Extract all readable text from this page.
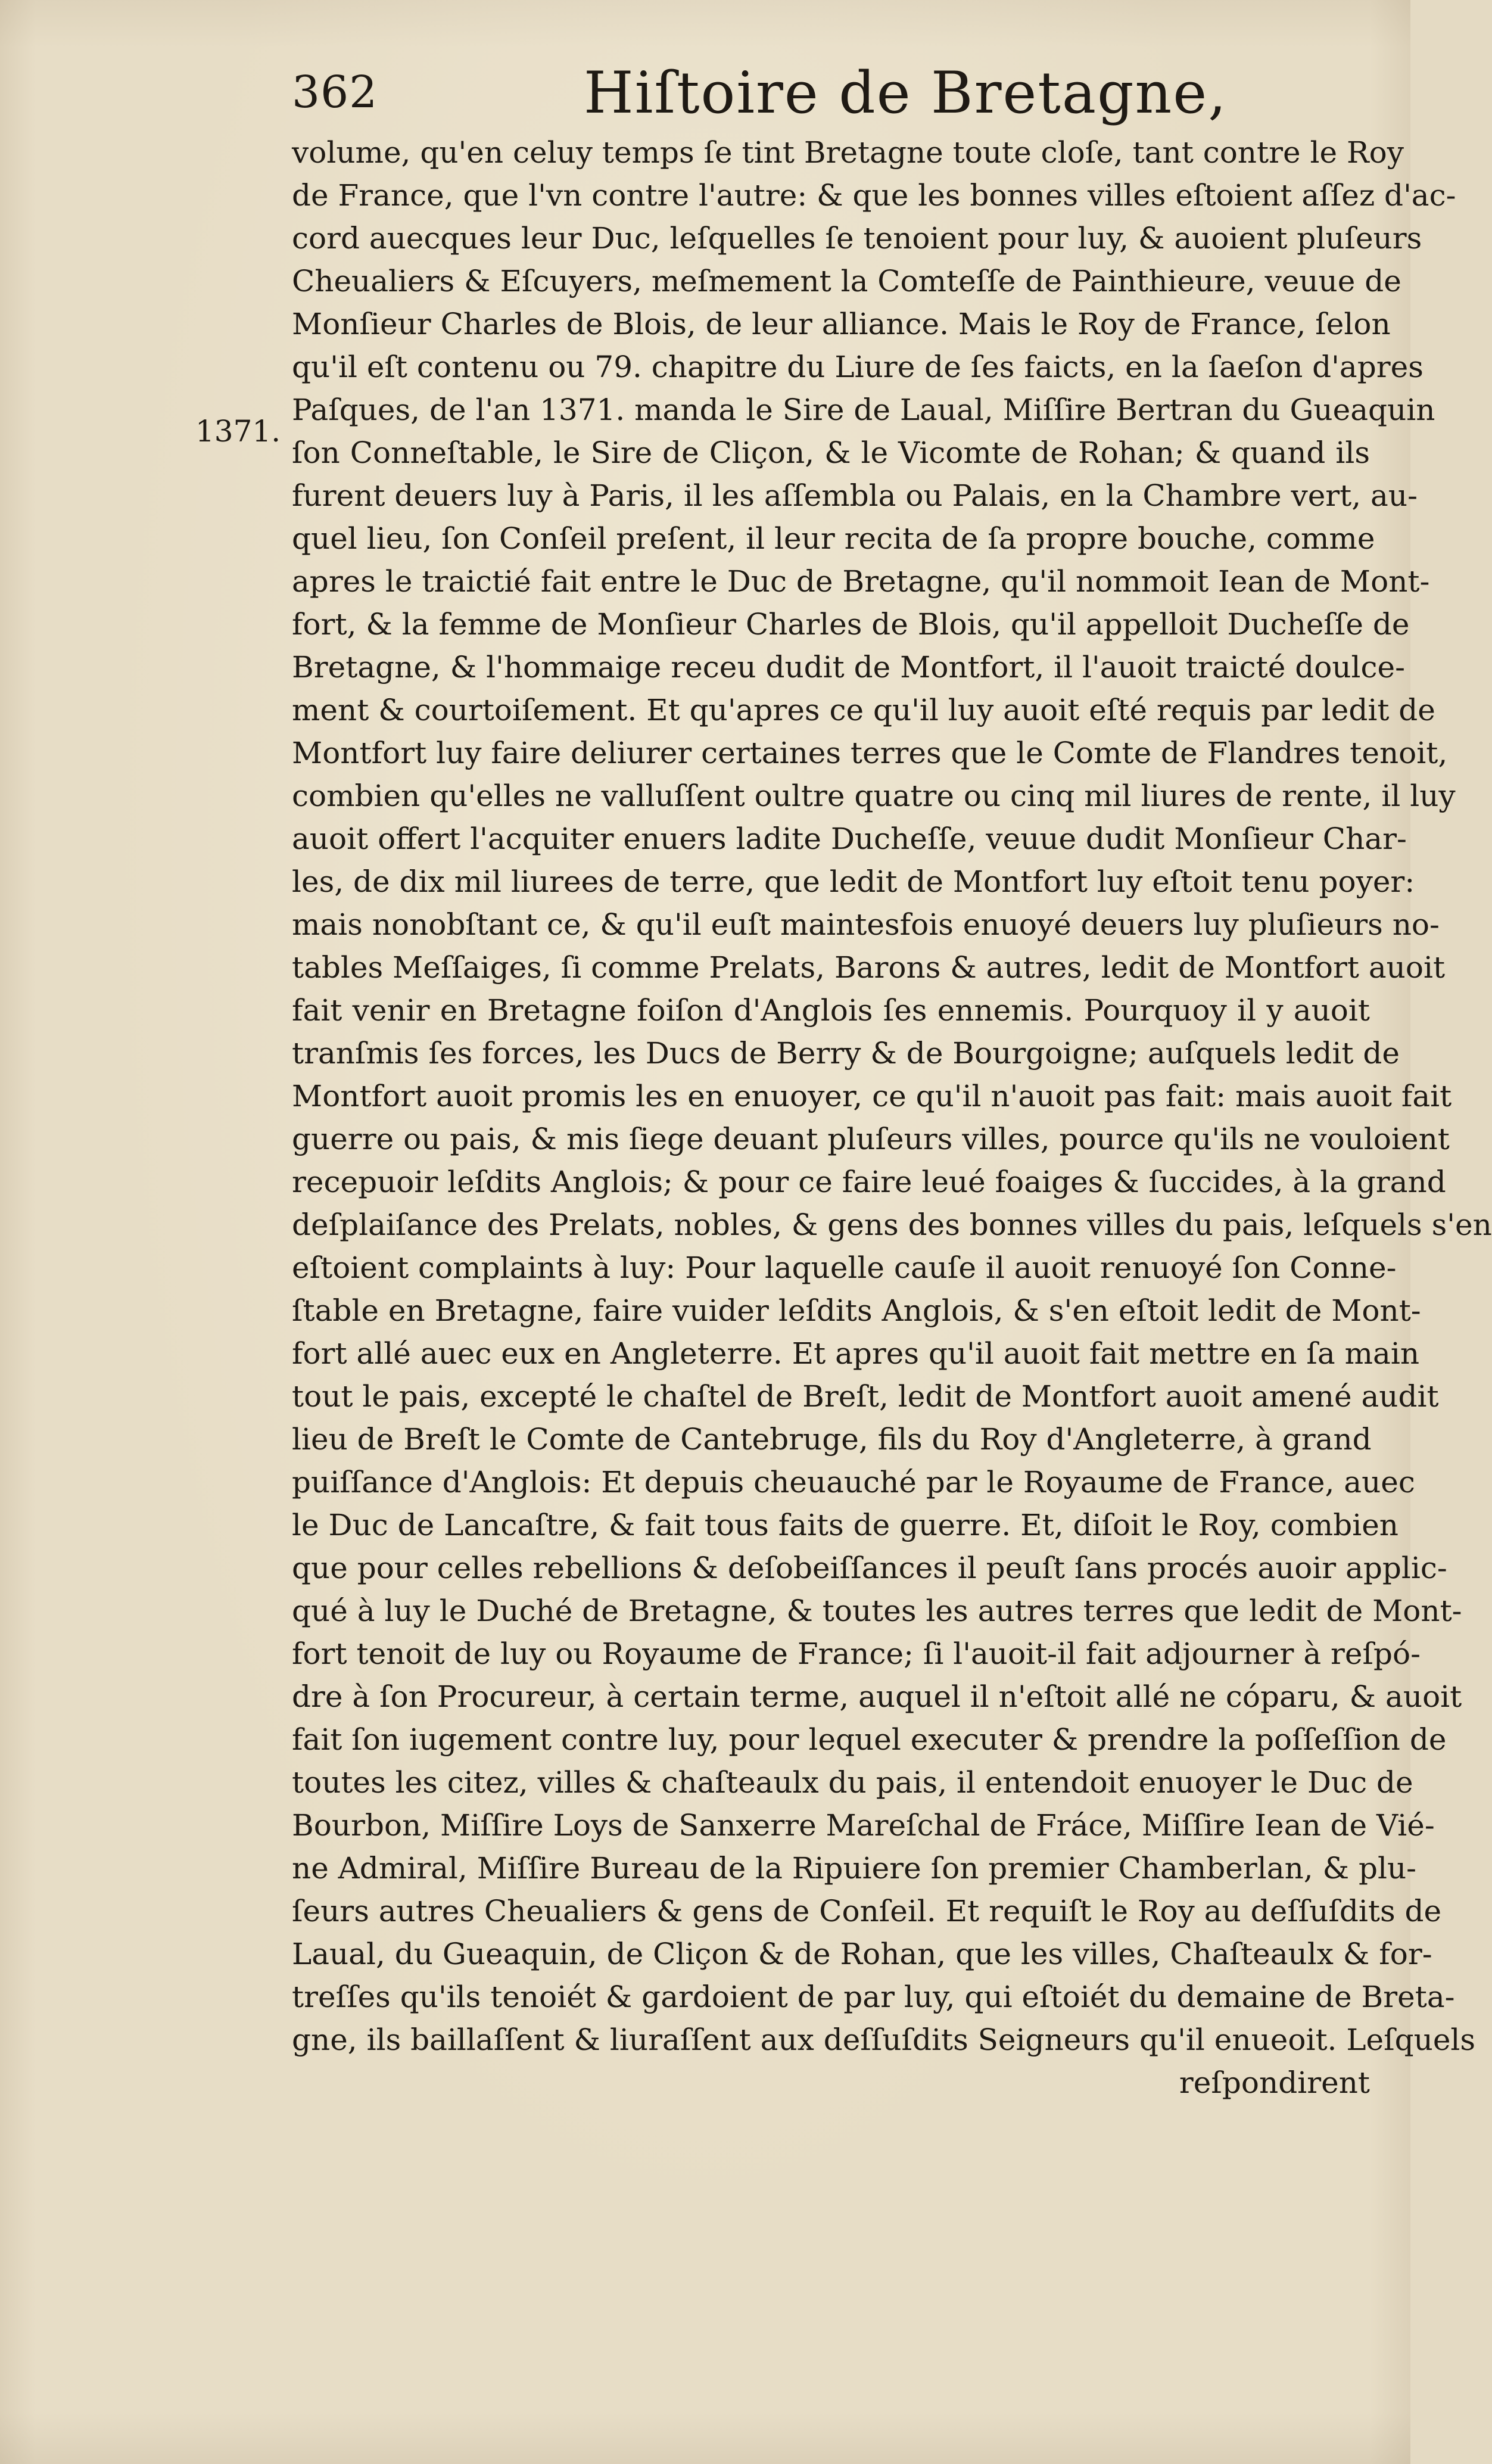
362	Hiſtoire de Bretagne,
1371.
volume, qu'en celuy temps ſe tint Bretagne toute cloſe, tant contre le Roy
de France, que l'vn contre l'autre: & que les bonnes villes eſtoient aſſez d'ac-
cord auecques leur Duc, leſquelles ſe tenoient pour luy, & auoient pluſeurs
Cheualiers & Eſcuyers, meſmement la Comteſſe de Painthieure, veuue de
Monſieur Charles de Blois, de leur alliance. Mais le Roy de France, ſelon
qu'il eſt contenu ou 79. chapitre du Liure de ſes faicts, en la ſaeſon d'apres
Paſques, de l'an 1371. manda le Sire de Laual, Miſſire Bertran du Gueaquin
ſon Conneſtable, le Sire de Cliçon, & le Vicomte de Rohan; & quand ils
furent deuers luy à Paris, il les aſſembla ou Palais, en la Chambre vert, au-
quel lieu, ſon Conſeil preſent, il leur recita de ſa propre bouche, comme
apres le traictié fait entre le Duc de Bretagne, qu'il nommoit Iean de Mont-
fort, & la femme de Monſieur Charles de Blois, qu'il appelloit Ducheſſe de
Bretagne, & l'hommaige receu dudit de Montfort, il l'auoit traicté doulce-
ment & courtoiſement. Et qu'apres ce qu'il luy auoit eſté requis par ledit de
Montfort luy faire deliurer certaines terres que le Comte de Flandres tenoit,
combien qu'elles ne valluſſent oultre quatre ou cinq mil liures de rente, il luy
auoit offert l'acquiter enuers ladite Ducheſſe, veuue dudit Monſieur Char-
les, de dix mil liurees de terre, que ledit de Montfort luy eſtoit tenu poyer:
mais nonobſtant ce, & qu'il euſt maintesfois enuoyé deuers luy pluſieurs no-
tables Meſſaiges, ſi comme Prelats, Barons & autres, ledit de Montfort auoit
fait venir en Bretagne foiſon d'Anglois ſes ennemis. Pourquoy il y auoit
tranſmis ſes forces, les Ducs de Berry & de Bourgoigne; auſquels ledit de
Montfort auoit promis les en enuoyer, ce qu'il n'auoit pas fait: mais auoit fait
guerre ou pais, & mis ſiege deuant pluſeurs villes, pource qu'ils ne vouloient
recepuoir leſdits Anglois; & pour ce faire leué foaiges & ſuccides, à la grand
deſplaiſance des Prelats, nobles, & gens des bonnes villes du pais, leſquels s'en
eſtoient complaints à luy: Pour laquelle cauſe il auoit renuoyé ſon Conne-
ſtable en Bretagne, faire vuider leſdits Anglois, & s'en eſtoit ledit de Mont-
fort allé auec eux en Angleterre. Et apres qu'il auoit fait mettre en ſa main
tout le pais, excepté le chaſtel de Breſt, ledit de Montfort auoit amené audit
lieu de Breſt le Comte de Cantebruge, fils du Roy d'Angleterre, à grand
puiſſance d'Anglois: Et depuis cheuauché par le Royaume de France, auec
le Duc de Lancaſtre, & fait tous faits de guerre. Et, diſoit le Roy, combien
que pour celles rebellions & deſobeiſſances il peuſt ſans procés auoir applic-
qué à luy le Duché de Bretagne, & toutes les autres terres que ledit de Mont-
fort tenoit de luy ou Royaume de France; ſi l'auoit-il fait adjourner à reſpó-
dre à ſon Procureur, à certain terme, auquel il n'eſtoit allé ne cóparu, & auoit
fait ſon iugement contre luy, pour lequel executer & prendre la poſſeſſion de
toutes les citez, villes & chaſteaulx du pais, il entendoit enuoyer le Duc de
Bourbon, Miſſire Loys de Sanxerre Mareſchal de Fráce, Miſſire Iean de Vié-
ne Admiral, Miſſire Bureau de la Ripuiere ſon premier Chamberlan, & plu-
ſeurs autres Cheualiers & gens de Conſeil. Et requiſt le Roy au deſſuſdits de
Laual, du Gueaquin, de Cliçon & de Rohan, que les villes, Chaſteaulx & for-
treſſes qu'ils tenoiét & gardoient de par luy, qui eſtoiét du demaine de Breta-
gne, ils baillaſſent & liuraſſent aux deſſuſdits Seigneurs qu'il enueoit. Leſquels
reſpondirent
